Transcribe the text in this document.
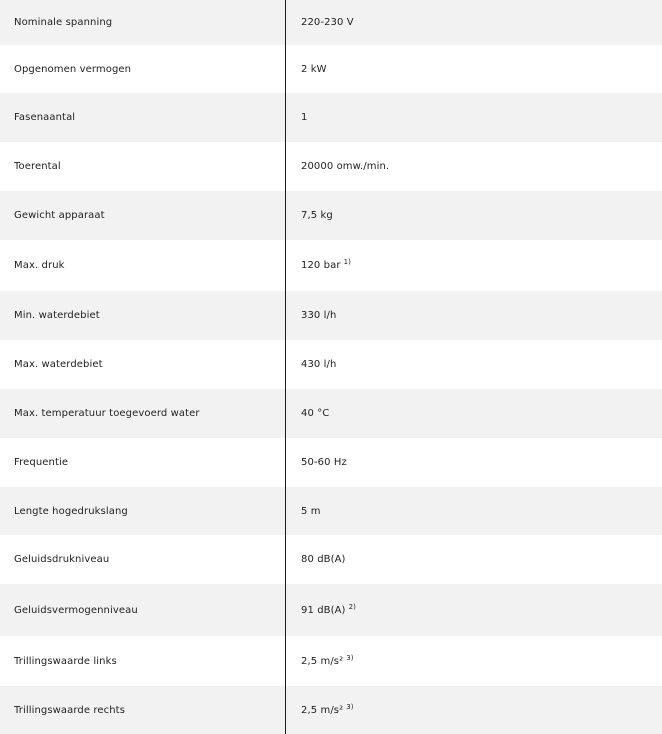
Nominale spanning	220-230 V
Opgenomen vermogen	2 kW
Fasenaantal	1
Toerental	20000 omw./min.
Gewicht apparaat	7,5 kg
Max. druk	120 bar $^{1)}$
Min. waterdebiet	330 l/h
Max. waterdebiet	430 l/h
Max. temperatuur toegevoerd water	40 °C
Frequentie	50-60 Hz
Lengte hogedrukslang	5 m
Geluidsdrukniveau	80 dB(A)
Geluidsvermogenniveau	91 dB(A) $^{2)}$
Trillingswaarde links	2,5 m/s² $^{3)}$
Trillingswaarde rechts	2,5 m/s² $^{3)}$
